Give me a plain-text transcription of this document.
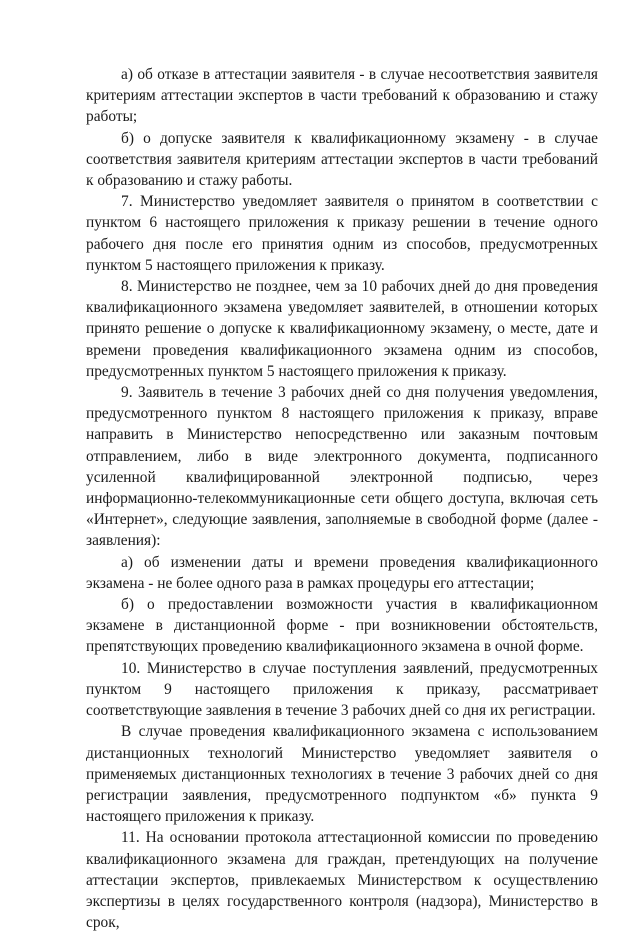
а) об отказе в аттестации заявителя - в случае несоответствия заявителя критериям аттестации экспертов в части требований к образованию и стажу работы;

б) о допуске заявителя к квалификационному экзамену - в случае соответствия заявителя критериям аттестации экспертов в части требований к образованию и стажу работы.

7. Министерство уведомляет заявителя о принятом в соответствии с пунктом 6 настоящего приложения к приказу решении в течение одного рабочего дня после его принятия одним из способов, предусмотренных пунктом 5 настоящего приложения к приказу.

8. Министерство не позднее, чем за 10 рабочих дней до дня проведения квалификационного экзамена уведомляет заявителей, в отношении которых принято решение о допуске к квалификационному экзамену, о месте, дате и времени проведения квалификационного экзамена одним из способов, предусмотренных пунктом 5 настоящего приложения к приказу.

9. Заявитель в течение 3 рабочих дней со дня получения уведомления, предусмотренного пунктом 8 настоящего приложения к приказу, вправе направить в Министерство непосредственно или заказным почтовым отправлением, либо в виде электронного документа, подписанного усиленной квалифицированной электронной подписью, через информационно-телекоммуникационные сети общего доступа, включая сеть «Интернет», следующие заявления, заполняемые в свободной форме (далее - заявления):

а) об изменении даты и времени проведения квалификационного экзамена - не более одного раза в рамках процедуры его аттестации;

б) о предоставлении возможности участия в квалификационном экзамене в дистанционной форме - при возникновении обстоятельств, препятствующих проведению квалификационного экзамена в очной форме.

10. Министерство в случае поступления заявлений, предусмотренных пунктом 9 настоящего приложения к приказу, рассматривает соответствующие заявления в течение 3 рабочих дней со дня их регистрации.

В случае проведения квалификационного экзамена с использованием дистанционных технологий Министерство уведомляет заявителя о применяемых дистанционных технологиях в течение 3 рабочих дней со дня регистрации заявления, предусмотренного подпунктом «б» пункта 9 настоящего приложения к приказу.

11. На основании протокола аттестационной комиссии по проведению квалификационного экзамена для граждан, претендующих на получение аттестации экспертов, привлекаемых Министерством к осуществлению экспертизы в целях государственного контроля (надзора), Министерство в срок,
